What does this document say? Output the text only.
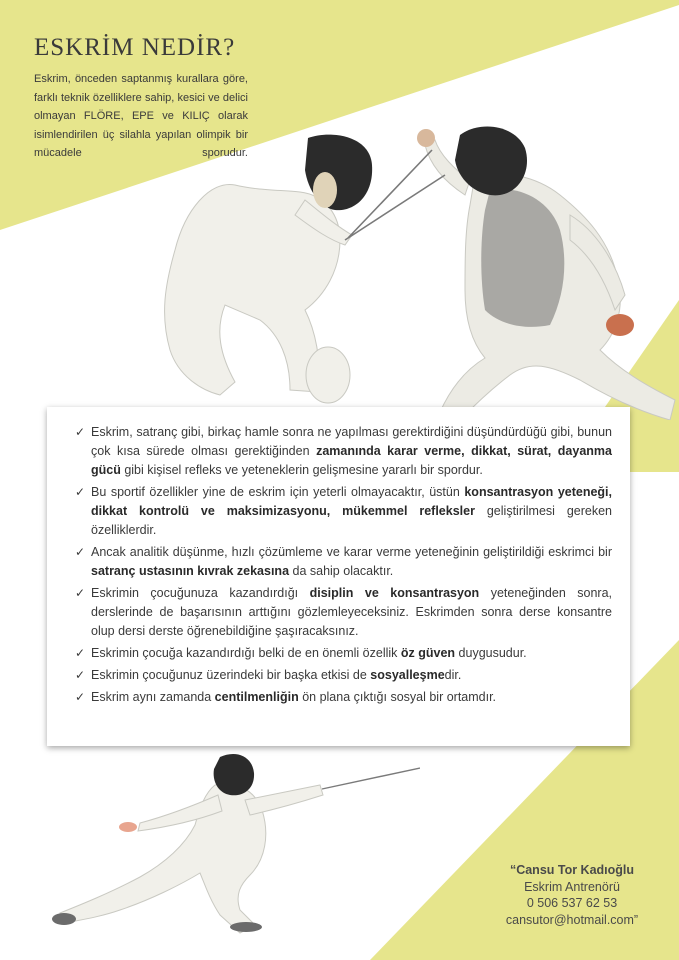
ESKRİM NEDİR?

Eskrim, önceden saptanmış kurallara göre, farklı teknik özelliklere sahip, kesici ve delici olmayan FLÖRE, EPE ve KILIÇ olarak isimlendirilen üç silahla yapılan olimpik bir mücadele sporudur.

✓ Eskrim, satranç gibi, birkaç hamle sonra ne yapılması gerektirdiğini düşündürdüğü gibi, bunun çok kısa sürede olması gerektiğinden zamanında karar verme, dikkat, sürat, dayanma gücü gibi kişisel refleks ve yeteneklerin gelişmesine yararlı bir spordur.
✓ Bu sportif özellikler yine de eskrim için yeterli olmayacaktır, üstün konsantrasyon yeteneği, dikkat kontrolü ve maksimizasyonu, mükemmel refleksler geliştirilmesi gereken özelliklerdir.
✓ Ancak analitik düşünme, hızlı çözümleme ve karar verme yeteneğinin geliştirildiği eskrimci bir satranç ustasının kıvrak zekasına da sahip olacaktır.
✓ Eskrimin çocuğunuza kazandırdığı disiplin ve konsantrasyon yeteneğinden sonra, derslerinde de başarısının arttığını gözlemleyeceksiniz. Eskrimden sonra derse konsantre olup dersi derste öğrenebildiğine şaşıracaksınız.
✓ Eskrimin çocuğa kazandırdığı belki de en önemli özellik öz güven duygusudur.
✓ Eskrimin çocuğunuz üzerindeki bir başka etkisi de sosyalleşmedir.
✓ Eskrim aynı zamanda centilmenliğin ön plana çıktığı sosyal bir ortamdır.
“Cansu Tor Kadıoğlu
Eskrim Antrenörü
0 506 537 62 53
cansutor@hotmail.com”
